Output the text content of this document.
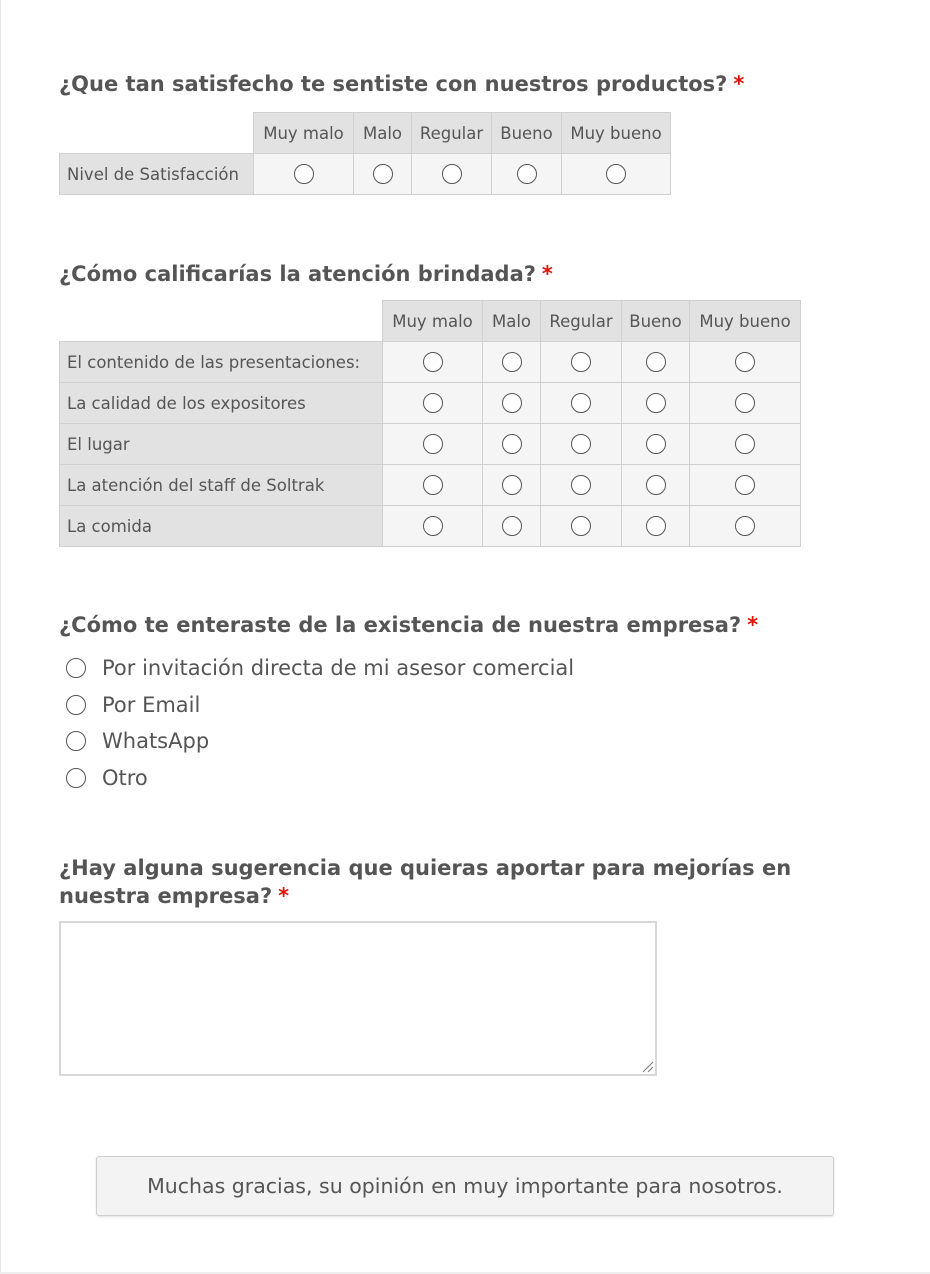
¿Que tan satisfecho te sentiste con nuestros productos? *
	Muy malo	Malo	Regular	Bueno	Muy bueno
Nivel de Satisfacción					
¿Cómo calificarías la atención brindada? *
	Muy malo	Malo	Regular	Bueno	Muy bueno
El contenido de las presentaciones:					
La calidad de los expositores					
El lugar					
La atención del staff de Soltrak					
La comida					
¿Cómo te enteraste de la existencia de nuestra empresa? *
Por invitación directa de mi asesor comercial
Por Email
WhatsApp
Otro
¿Hay alguna sugerencia que quieras aportar para mejorías en
nuestra empresa? *
Muchas gracias, su opinión en muy importante para nosotros.
